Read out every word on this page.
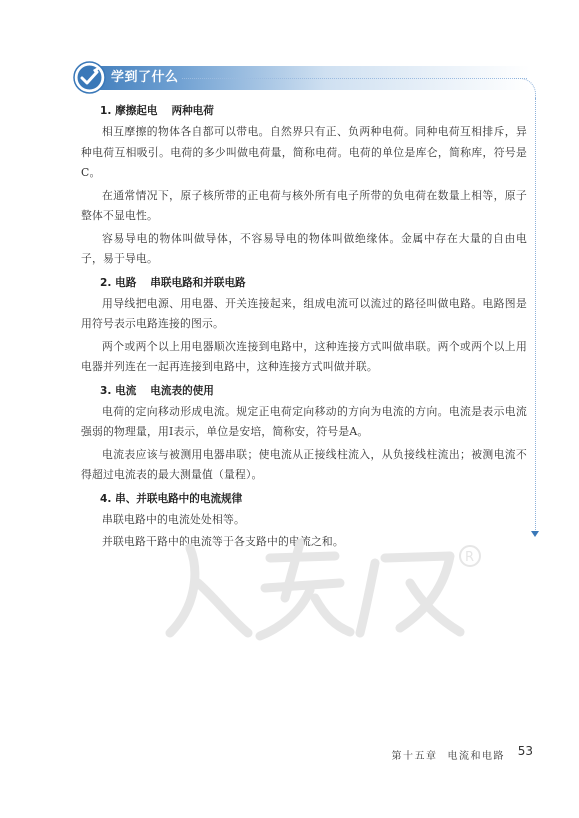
学到了什么
1. 摩擦起电 两种电荷

相互摩擦的物体各自都可以带电。自然界只有正、负两种电荷。同种电荷互相排斥，异种电荷互相吸引。电荷的多少叫做电荷量，简称电荷。电荷的单位是库仑，简称库，符号是C。

在通常情况下，原子核所带的正电荷与核外所有电子所带的负电荷在数量上相等，原子整体不显电性。

容易导电的物体叫做导体，不容易导电的物体叫做绝缘体。金属中存在大量的自由电子，易于导电。

2. 电路 串联电路和并联电路

用导线把电源、用电器、开关连接起来，组成电流可以流过的路径叫做电路。电路图是用符号表示电路连接的图示。

两个或两个以上用电器顺次连接到电路中，这种连接方式叫做串联。两个或两个以上用电器并列连在一起再连接到电路中，这种连接方式叫做并联。

3. 电流 电流表的使用

电荷的定向移动形成电流。规定正电荷定向移动的方向为电流的方向。电流是表示电流强弱的物理量，用I表示，单位是安培，简称安，符号是A。

电流表应该与被测用电器串联；使电流从正接线柱流入，从负接线柱流出；被测电流不得超过电流表的最大测量值（量程）。

4. 串、并联电路中的电流规律

串联电路中的电流处处相等。

并联电路干路中的电流等于各支路中的电流之和。

R
第十五章 电流和电路	53
